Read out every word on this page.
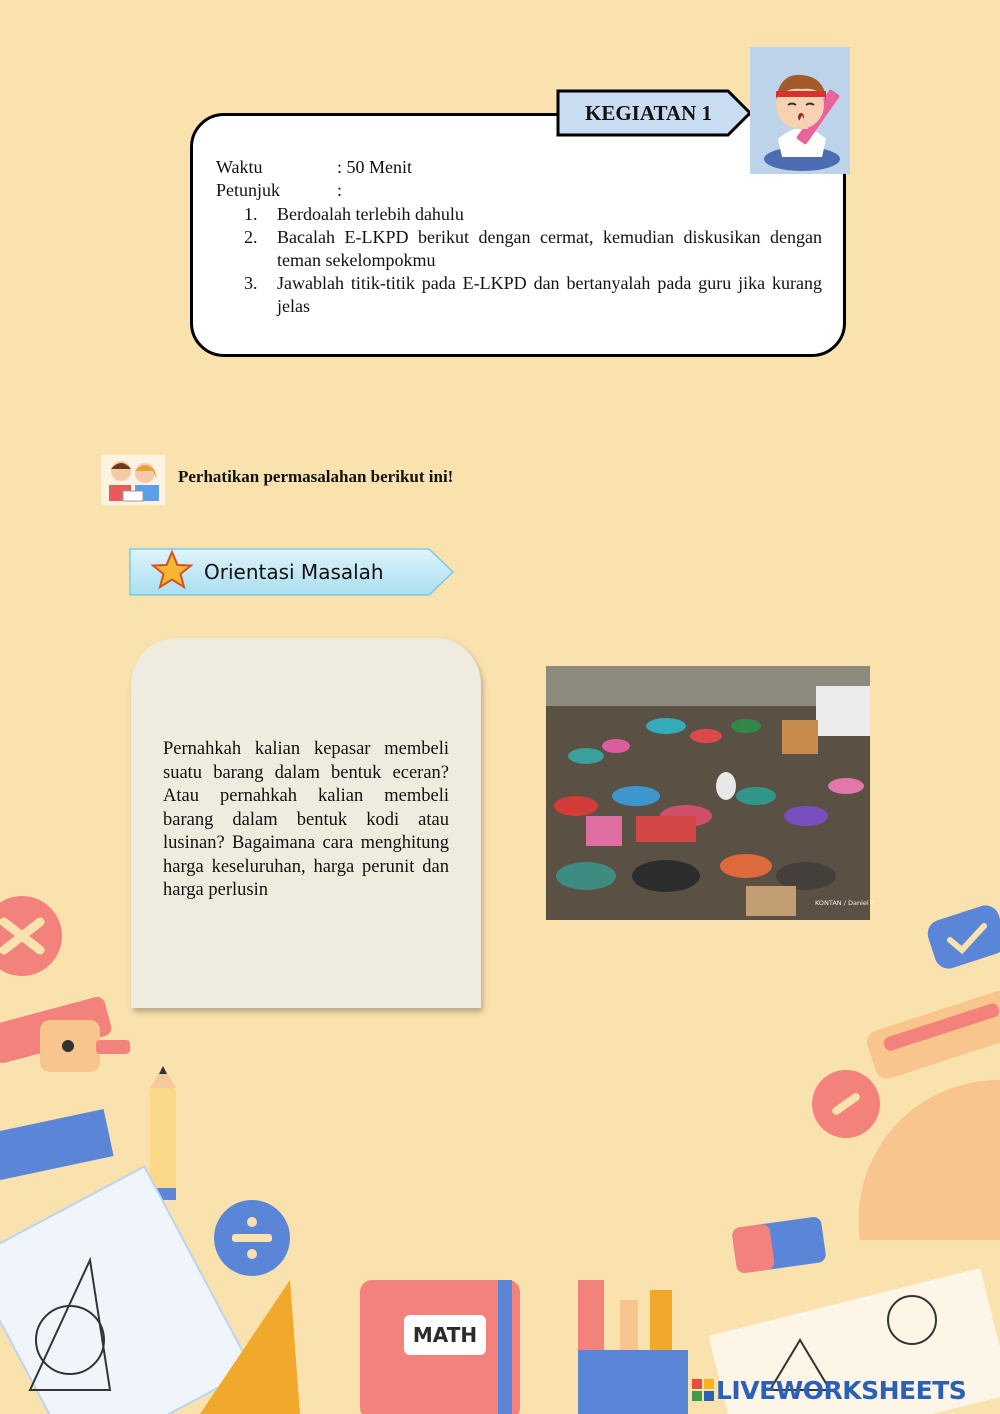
KEGIATAN 1
Waktu	: 50 Menit
Petunjuk	:
1.	Berdoalah terlebih dahulu
2.	Bacalah E-LKPD berikut dengan cermat, kemudian diskusikan dengan teman sekelompokmu
3.	Jawablah titik-titik pada E-LKPD dan bertanyalah pada guru jika kurang jelas
Perhatikan permasalahan berikut ini!
Orientasi Masalah
Pernahkah kalian kepasar membeli suatu barang dalam bentuk eceran? Atau pernahkah kalian membeli barang dalam bentuk kodi atau lusinan? Bagaimana cara menghitung harga keseluruhan, harga perunit dan harga perlusin
KONTAN / Daniel P
MATH
LIVEWORKSHEETS
